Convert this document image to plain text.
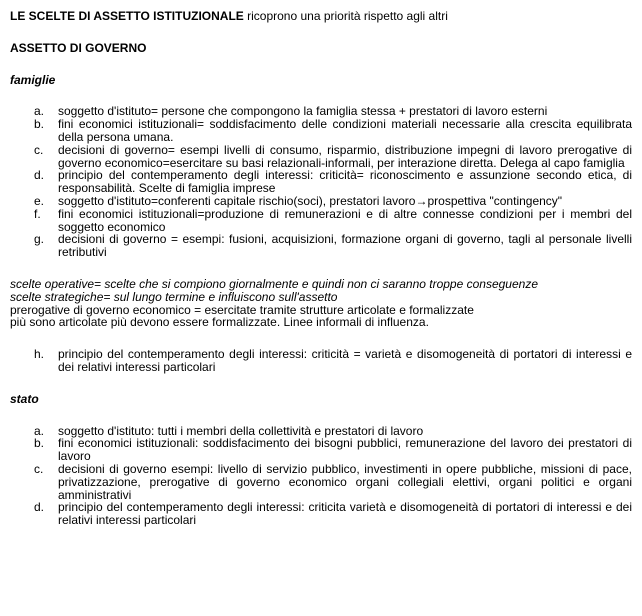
LE SCELTE DI ASSETTO ISTITUZIONALE ricoprono una priorità rispetto agli altri

ASSETTO DI GOVERNO

famiglie

a. soggetto d'istituto= persone che compongono la famiglia stessa + prestatori di lavoro esterni
b. fini economici istituzionali= soddisfacimento delle condizioni materiali necessarie alla crescita equilibrata della persona umana.
c. decisioni di governo= esempi livelli di consumo, risparmio, distribuzione impegni di lavoro prerogative di governo economico=esercitare su basi relazionali-informali, per interazione diretta. Delega al capo famiglia
d. principio del contemperamento degli interessi: criticità= riconoscimento e assunzione secondo etica, di responsabilità. Scelte di famiglia imprese
e. soggetto d'istituto=conferenti capitale rischio(soci), prestatori lavoro→prospettiva "contingency"
f. fini economici istituzionali=produzione di remunerazioni e di altre connesse condizioni per i membri del soggetto economico
g. decisioni di governo = esempi: fusioni, acquisizioni, formazione organi di governo, tagli al personale livelli retributivi

scelte operative= scelte che si compiono giornalmente e quindi non ci saranno troppe conseguenze

scelte strategiche= sul lungo termine e influiscono sull'assetto

prerogative di governo economico = esercitate tramite strutture articolate e formalizzate

più sono articolate più devono essere formalizzate. Linee informali di influenza.

h. principio del contemperamento degli interessi: criticità = varietà e disomogeneità di portatori di interessi e dei relativi interessi particolari

stato

a. soggetto d'istituto: tutti i membri della collettività e prestatori di lavoro
b. fini economici istituzionali: soddisfacimento dei bisogni pubblici, remunerazione del lavoro dei prestatori di lavoro
c. decisioni di governo esempi: livello di servizio pubblico, investimenti in opere pubbliche, missioni di pace, privatizzazione, prerogative di governo economico organi collegiali elettivi, organi politici e organi amministrativi
d. principio del contemperamento degli interessi: criticita varietà e disomogeneità di portatori di interessi e dei relativi interessi particolari
